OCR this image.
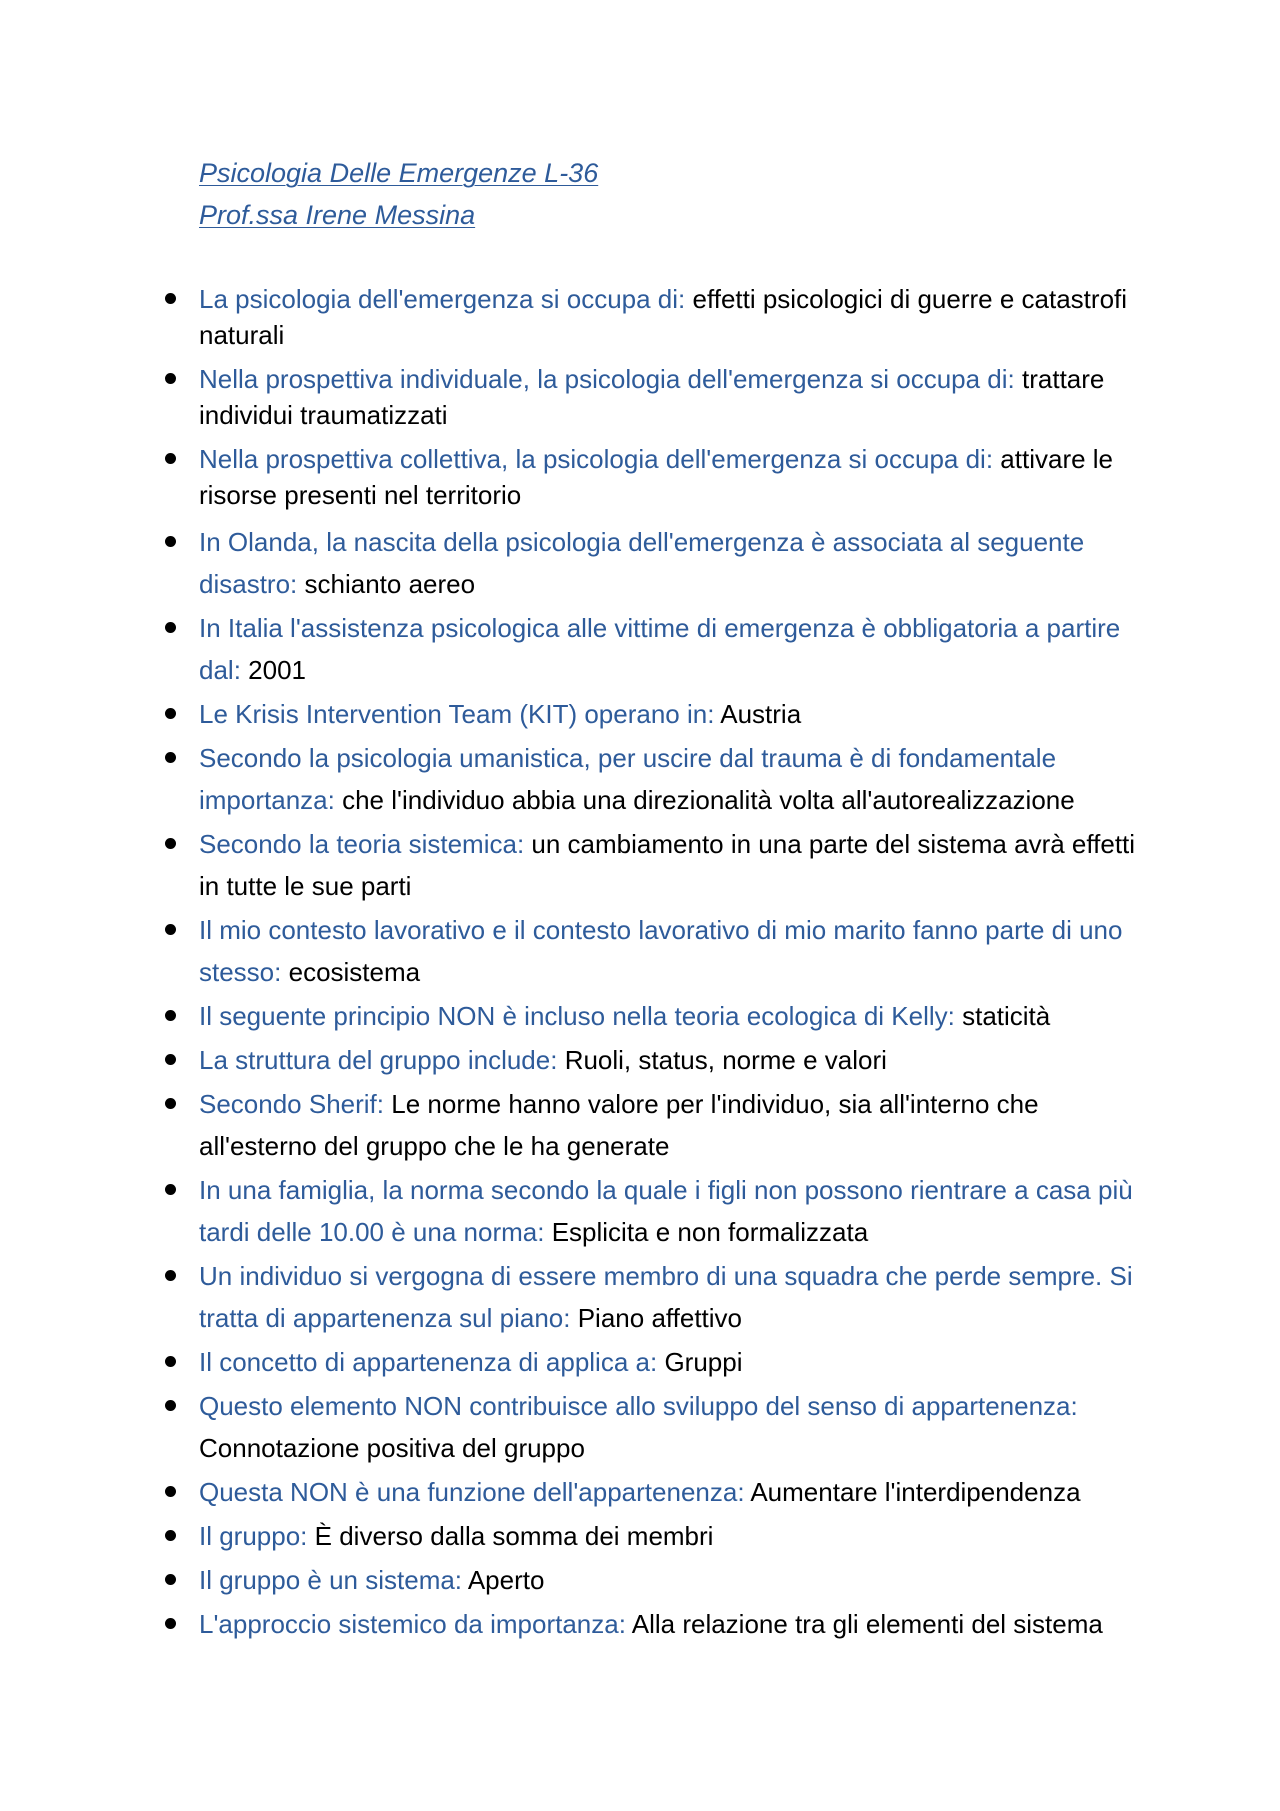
Psicologia Delle Emergenze L-36
Prof.ssa Irene Messina
La psicologia dell'emergenza si occupa di: effetti psicologici di guerre e catastrofi naturali
Nella prospettiva individuale, la psicologia dell'emergenza si occupa di: trattare individui traumatizzati
Nella prospettiva collettiva, la psicologia dell'emergenza si occupa di: attivare le risorse presenti nel territorio
In Olanda, la nascita della psicologia dell'emergenza è associata al seguente disastro: schianto aereo
In Italia l'assistenza psicologica alle vittime di emergenza è obbligatoria a partire dal: 2001
Le Krisis Intervention Team (KIT) operano in: Austria
Secondo la psicologia umanistica, per uscire dal trauma è di fondamentale importanza: che l'individuo abbia una direzionalità volta all'autorealizzazione
Secondo la teoria sistemica: un cambiamento in una parte del sistema avrà effetti in tutte le sue parti
Il mio contesto lavorativo e il contesto lavorativo di mio marito fanno parte di uno stesso: ecosistema
Il seguente principio NON è incluso nella teoria ecologica di Kelly: staticità
La struttura del gruppo include: Ruoli, status, norme e valori
Secondo Sherif: Le norme hanno valore per l'individuo, sia all'interno che all'esterno del gruppo che le ha generate
In una famiglia, la norma secondo la quale i figli non possono rientrare a casa più tardi delle 10.00 è una norma: Esplicita e non formalizzata
Un individuo si vergogna di essere membro di una squadra che perde sempre. Si tratta di appartenenza sul piano: Piano affettivo
Il concetto di appartenenza di applica a: Gruppi
Questo elemento NON contribuisce allo sviluppo del senso di appartenenza: Connotazione positiva del gruppo
Questa NON è una funzione dell'appartenenza: Aumentare l'interdipendenza
Il gruppo: È diverso dalla somma dei membri
Il gruppo è un sistema: Aperto
L'approccio sistemico da importanza: Alla relazione tra gli elementi del sistema
